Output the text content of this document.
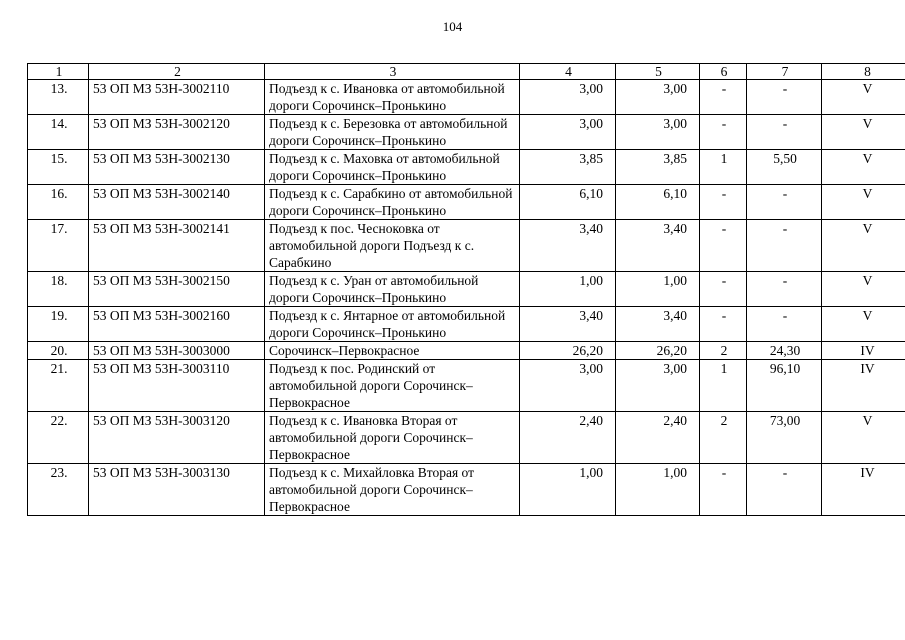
104
1	2	3	4	5	6	7	8
13.	53 ОП МЗ 53Н-3002110	Подъезд к с. Ивановка от автомобильной дороги Сорочинск–Пронькино	3,00	3,00	-	-	V
14.	53 ОП МЗ 53Н-3002120	Подъезд к с. Березовка от автомобильной дороги Сорочинск–Пронькино	3,00	3,00	-	-	V
15.	53 ОП МЗ 53Н-3002130	Подъезд к с. Маховка от автомобильной дороги Сорочинск–Пронькино	3,85	3,85	1	5,50	V
16.	53 ОП МЗ 53Н-3002140	Подъезд к с. Сарабкино от автомобильной дороги Сорочинск–Пронькино	6,10	6,10	-	-	V
17.	53 ОП МЗ 53Н-3002141	Подъезд к пос. Чесноковка от автомобильной дороги Подъезд к с. Сарабкино	3,40	3,40	-	-	V
18.	53 ОП МЗ 53Н-3002150	Подъезд к с. Уран от автомобильной дороги Сорочинск–Пронькино	1,00	1,00	-	-	V
19.	53 ОП МЗ 53Н-3002160	Подъезд к с. Янтарное от автомобильной дороги Сорочинск–Пронькино	3,40	3,40	-	-	V
20.	53 ОП МЗ 53Н-3003000	Сорочинск–Первокрасное	26,20	26,20	2	24,30	IV
21.	53 ОП МЗ 53Н-3003110	Подъезд к пос. Родинский от автомобильной дороги Сорочинск–Первокрасное	3,00	3,00	1	96,10	IV
22.	53 ОП МЗ 53Н-3003120	Подъезд к с. Ивановка Вторая от автомобильной дороги Сорочинск–Первокрасное	2,40	2,40	2	73,00	V
23.	53 ОП МЗ 53Н-3003130	Подъезд к с. Михайловка Вторая от автомобильной дороги Сорочинск–Первокрасное	1,00	1,00	-	-	IV
